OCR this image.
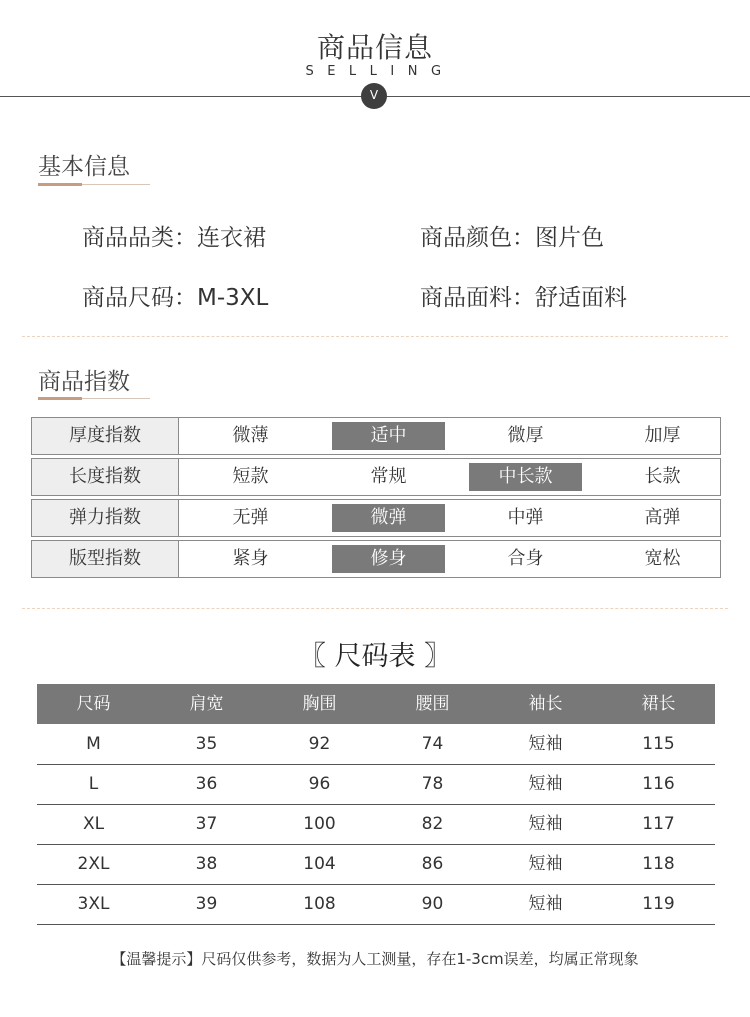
商品信息
SELLING
V
基本信息
商品品类：连衣裙	商品颜色：图片色
商品尺码：M-3XL	商品面料：舒适面料
商品指数
厚度指数	微薄	适中	微厚	加厚
长度指数	短款	常规	中长款	长款
弹力指数	无弹	微弹	中弹	高弹
版型指数	紧身	修身	合身	宽松
〖 尺码表 〗
尺码	肩宽	胸围	腰围	袖长	裙长
M	35	92	74	短袖	115
L	36	96	78	短袖	116
XL	37	100	82	短袖	117
2XL	38	104	86	短袖	118
3XL	39	108	90	短袖	119
【温馨提示】尺码仅供参考，数据为人工测量，存在1-3cm误差，均属正常现象
